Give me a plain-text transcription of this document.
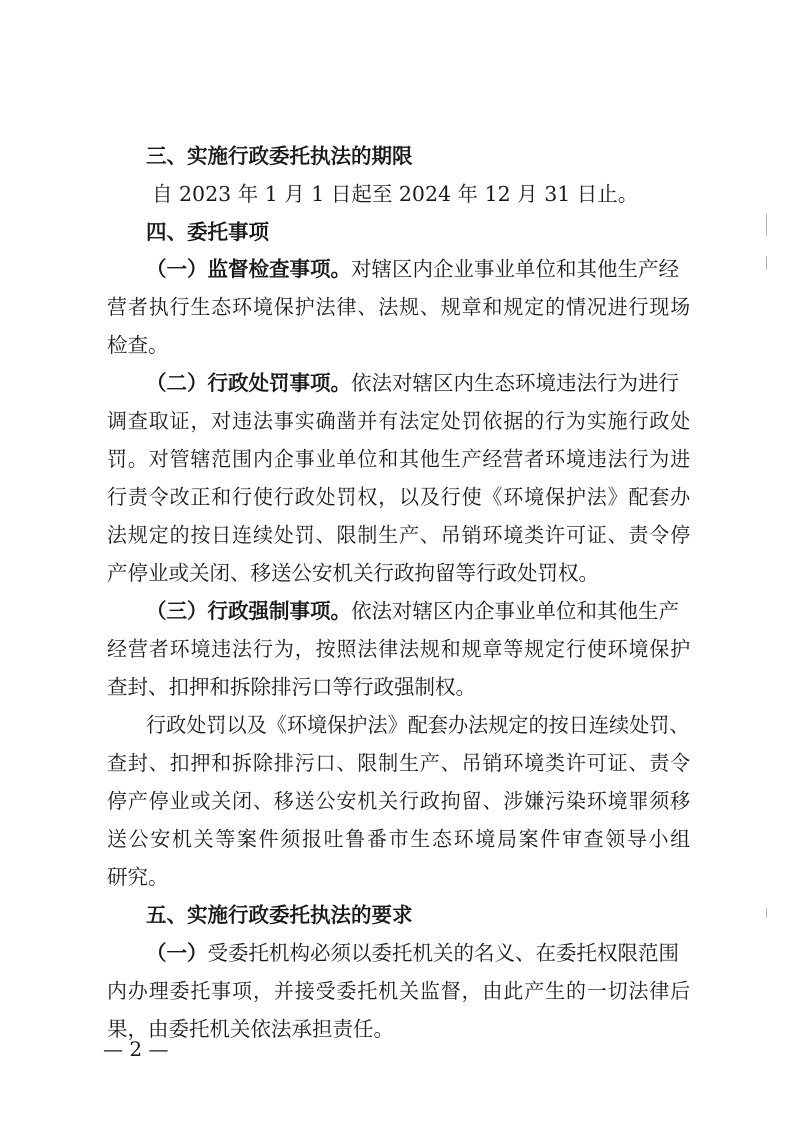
三、实施行政委托执法的期限
自 2023 年 1 月 1 日起至 2024 年 12 月 31 日止。
四、委托事项
（一）监督检查事项。对辖区内企业事业单位和其他生产经
营者执行生态环境保护法律、法规、规章和规定的情况进行现场
检查。
（二）行政处罚事项。依法对辖区内生态环境违法行为进行
调查取证，对违法事实确凿并有法定处罚依据的行为实施行政处
罚。对管辖范围内企事业单位和其他生产经营者环境违法行为进
行责令改正和行使行政处罚权，以及行使《环境保护法》配套办
法规定的按日连续处罚、限制生产、吊销环境类许可证、责令停
产停业或关闭、移送公安机关行政拘留等行政处罚权。
（三）行政强制事项。依法对辖区内企事业单位和其他生产
经营者环境违法行为，按照法律法规和规章等规定行使环境保护
查封、扣押和拆除排污口等行政强制权。
行政处罚以及《环境保护法》配套办法规定的按日连续处罚、
查封、扣押和拆除排污口、限制生产、吊销环境类许可证、责令
停产停业或关闭、移送公安机关行政拘留、涉嫌污染环境罪须移
送公安机关等案件须报吐鲁番市生态环境局案件审查领导小组
研究。
五、实施行政委托执法的要求
（一）受委托机构必须以委托机关的名义、在委托权限范围
内办理委托事项，并接受委托机关监督，由此产生的一切法律后
果，由委托机关依法承担责任。
— 2 —
